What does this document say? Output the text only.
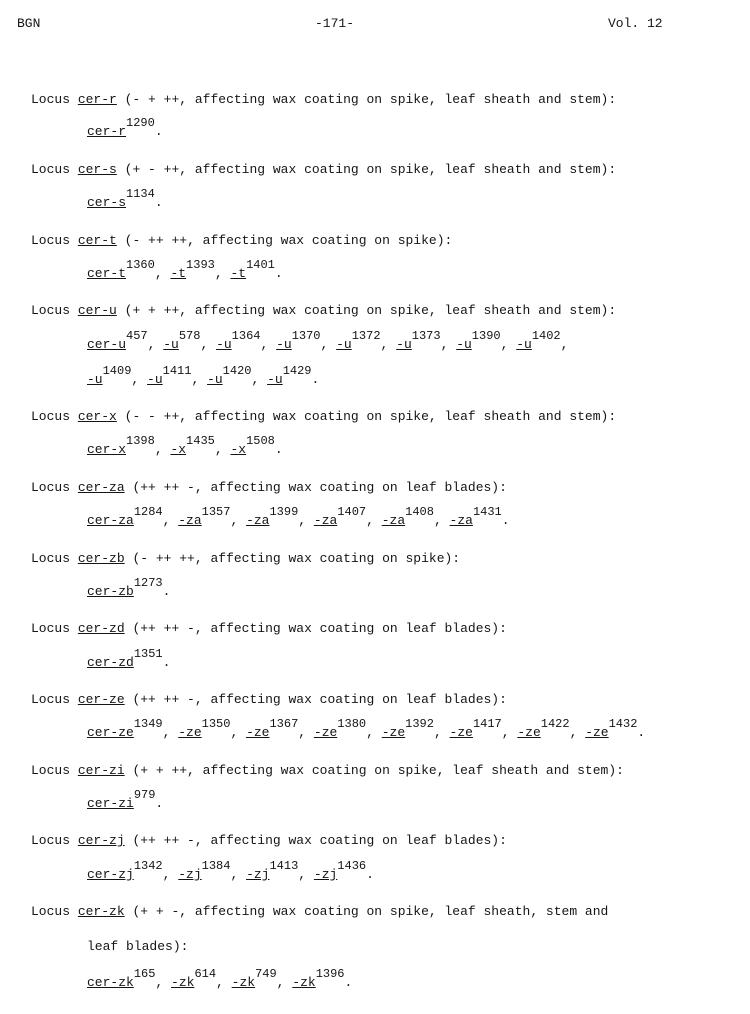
BGN	-171-	Vol. 12
Locus cer-r (- + ++, affecting wax coating on spike, leaf sheath and stem):
cer-$r^{1290}$.
Locus cer-s (+ - ++, affecting wax coating on spike, leaf sheath and stem):
cer-$s^{1134}$.
Locus cer-t (- ++ ++, affecting wax coating on spike):
cer-$t^{1360}$, $-t^{1393}$, $-t^{1401}$.
Locus cer-u (+ + ++, affecting wax coating on spike, leaf sheath and stem):
cer-$u^{457}$, $-u^{578}$, $-u^{1364}$, $-u^{1370}$, $-u^{1372}$, $-u^{1373}$, $-u^{1390}$, $-u^{1402}$,
$-u^{1409}$, $-u^{1411}$, $-u^{1420}$, $-u^{1429}$.
Locus cer-x (- - ++, affecting wax coating on spike, leaf sheath and stem):
cer-$x^{1398}$, $-x^{1435}$, $-x^{1508}$.
Locus cer-za (++ ++ -, affecting wax coating on leaf blades):
cer-$za^{1284}$, $-za^{1357}$, $-za^{1399}$, $-za^{1407}$, $-za^{1408}$, $-za^{1431}$.
Locus cer-zb (- ++ ++, affecting wax coating on spike):
cer-$zb^{1273}$.
Locus cer-zd (++ ++ -, affecting wax coating on leaf blades):
cer-$zd^{1351}$.
Locus cer-ze (++ ++ -, affecting wax coating on leaf blades):
cer-$ze^{1349}$, $-ze^{1350}$, $-ze^{1367}$, $-ze^{1380}$, $-ze^{1392}$, $-ze^{1417}$, $-ze^{1422}$, $-ze^{1432}$.
Locus cer-zi (+ + ++, affecting wax coating on spike, leaf sheath and stem):
cer-$zi^{979}$.
Locus cer-zj (++ ++ -, affecting wax coating on leaf blades):
cer-$zj^{1342}$, $-zj^{1384}$, $-zj^{1413}$, $-zj^{1436}$.
Locus cer-zk (+ + -, affecting wax coating on spike, leaf sheath, stem and
leaf blades):
cer-$zk^{165}$, $-zk^{614}$, $-zk^{749}$, $-zk^{1396}$.
